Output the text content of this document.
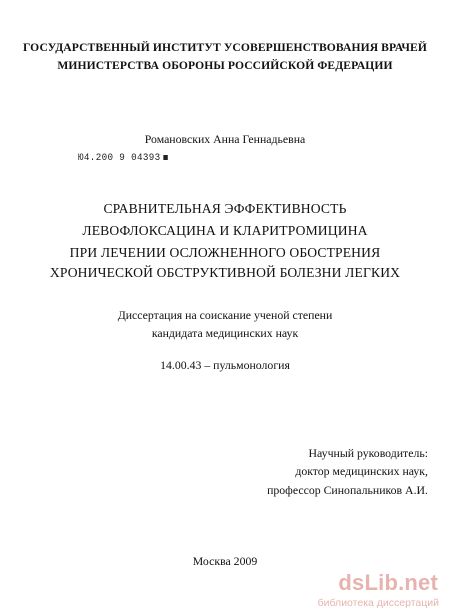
ГОСУДАРСТВЕННЫЙ ИНСТИТУТ УСОВЕРШЕНСТВОВАНИЯ ВРАЧЕЙ
МИНИСТЕРСТВА ОБОРОНЫ РОССИЙСКОЙ ФЕДЕРАЦИИ
Романовских Анна Геннадьевна
Ю4.200 9 04393
СРАВНИТЕЛЬНАЯ ЭФФЕКТИВНОСТЬ
ЛЕВОФЛОКСАЦИНА И КЛАРИТРОМИЦИНА
ПРИ ЛЕЧЕНИИ ОСЛОЖНЕННОГО ОБОСТРЕНИЯ
ХРОНИЧЕСКОЙ ОБСТРУКТИВНОЙ БОЛЕЗНИ ЛЕГКИХ
Диссертация на соискание ученой степени
кандидата медицинских наук
14.00.43 – пульмонология
Научный руководитель:
доктор медицинских наук,
профессор Синопальников А.И.
Москва 2009
dsLib.net
библиотека диссертаций
